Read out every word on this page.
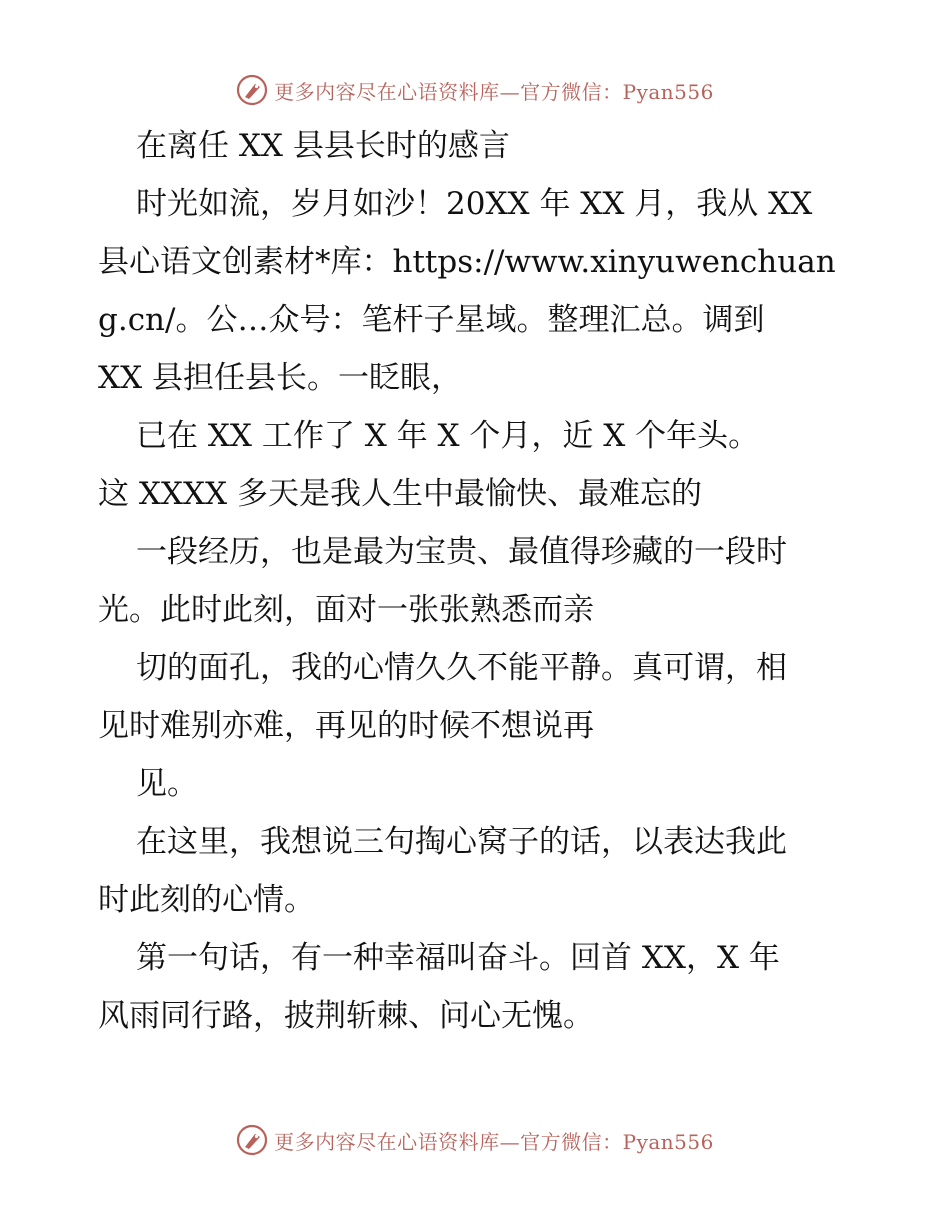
更多内容尽在心语资料库—官方微信：Pyan556

在离任 XX 县县长时的感言

时光如流，岁月如沙！20XX 年 XX 月，我从 XX

县心语文创素材*库：https://www.xinyuwenchuan

g.cn/。公…众号：笔杆子星域。整理汇总。调到

XX 县担任县长。一眨眼，

已在 XX 工作了 X 年 X 个月，近 X 个年头。

这 XXXX 多天是我人生中最愉快、最难忘的

一段经历，也是最为宝贵、最值得珍藏的一段时

光。此时此刻，面对一张张熟悉而亲

切的面孔，我的心情久久不能平静。真可谓，相

见时难别亦难，再见的时候不想说再

见。

在这里，我想说三句掏心窝子的话，以表达我此

时此刻的心情。

第一句话，有一种幸福叫奋斗。回首 XX，X 年

风雨同行路，披荆斩棘、问心无愧。

更多内容尽在心语资料库—官方微信：Pyan556
